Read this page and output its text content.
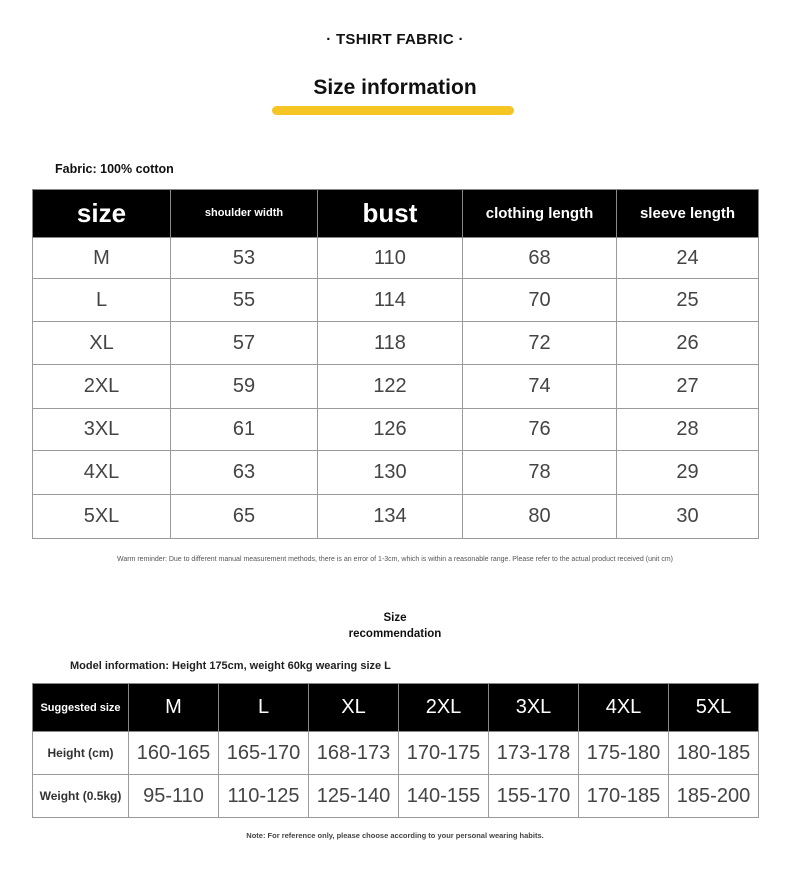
· TSHIRT FABRIC ·
Size information
Fabric: 100% cotton
size	shoulder width	bust	clothing length	sleeve length
M	53	110	68	24
L	55	114	70	25
XL	57	118	72	26
2XL	59	122	74	27
3XL	61	126	76	28
4XL	63	130	78	29
5XL	65	134	80	30
Warm reminder: Due to different manual measurement methods, there is an error of 1-3cm, which is within a reasonable range. Please refer to the actual product received (unit cm)
Size
recommendation
Model information: Height 175cm, weight 60kg wearing size L
Suggested size	M	L	XL	2XL	3XL	4XL	5XL
Height (cm)	160-165	165-170	168-173	170-175	173-178	175-180	180-185
Weight (0.5kg)	95-110	110-125	125-140	140-155	155-170	170-185	185-200
Note: For reference only, please choose according to your personal wearing habits.
